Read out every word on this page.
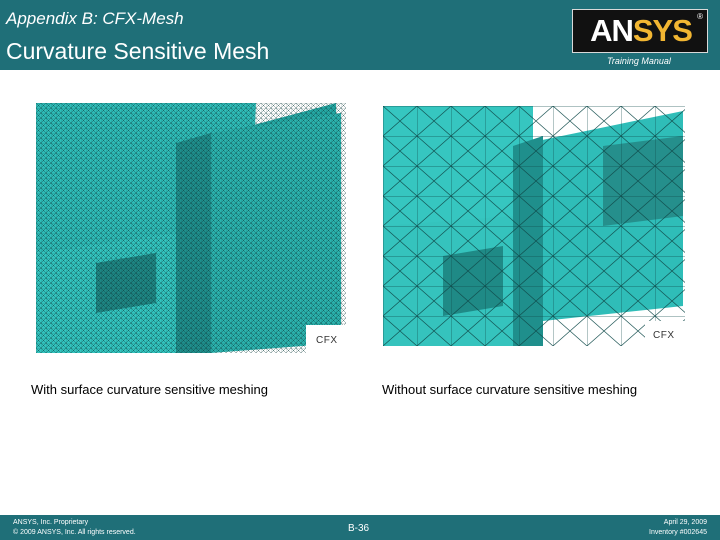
Appendix B: CFX-Mesh
Curvature Sensitive Mesh
ANSYS ®
Training Manual
CFX	CFX
With surface curvature sensitive meshing	Without surface curvature sensitive meshing
ANSYS, Inc. Proprietary
© 2009 ANSYS, Inc. All rights reserved.	B-36
April 29, 2009
Inventory #002645
